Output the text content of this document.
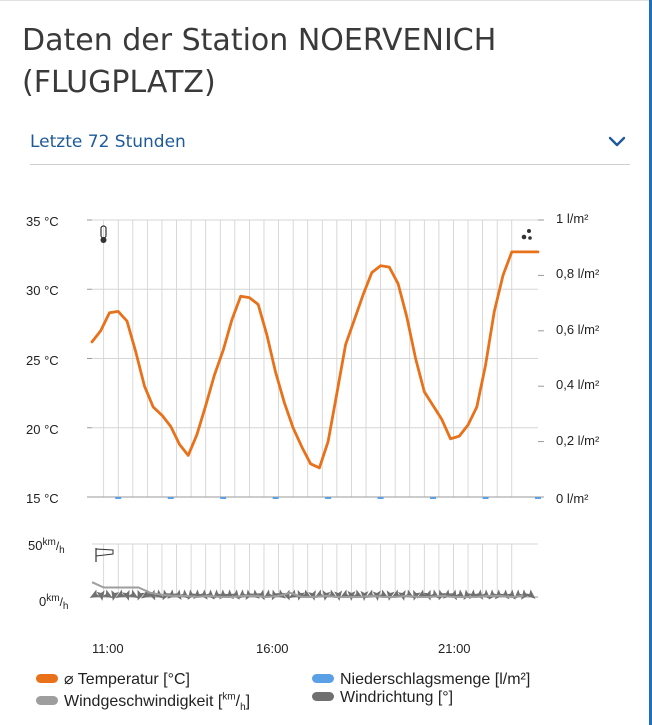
Daten der Station NOERVENICH (FLUGPLATZ)
Letzte 72 Stunden
35 °C
30 °C
25 °C
20 °C
15 °C
1 l/m²
0,8 l/m²
0,6 l/m²
0,4 l/m²
0,2 l/m²
0 l/m²
$50^{km}/_h$
$0^{km}/_h$
11:00	16:00	21:00
⌀ Temperatur [°C]	Niederschlagsmenge [l/m²]
Windgeschwindigkeit $[^{km}/_h]$	Windrichtung [°]
